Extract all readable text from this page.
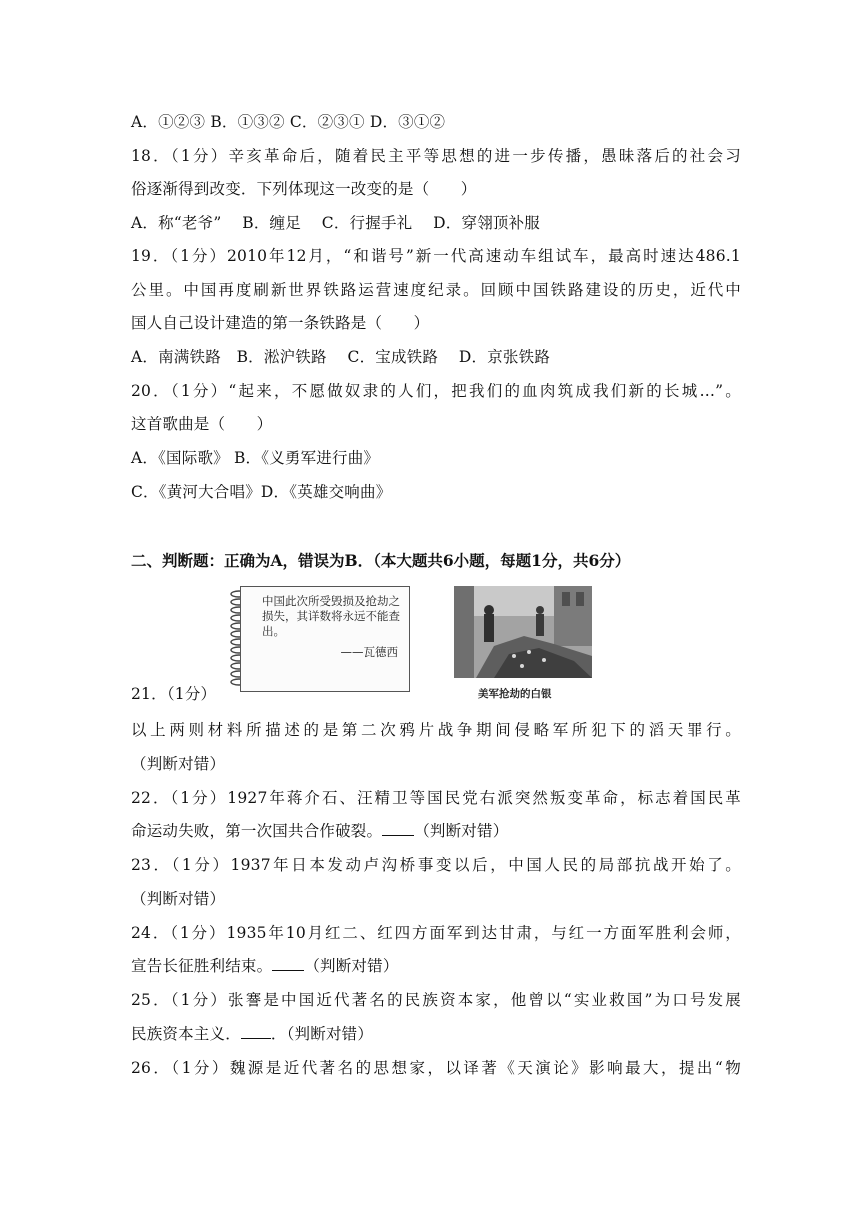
A．①②③ B．①③② C．②③① D．③①②
18．（1分）辛亥革命后，随着民主平等思想的进一步传播，愚昧落后的社会习
俗逐渐得到改变．下列体现这一改变的是（　　）
A．称“老爷”　 B．缠足　 C．行握手礼　 D．穿翎顶补服
19．（1分）2010年12月，“和谐号”新一代高速动车组试车，最高时速达486.1
公里。中国再度刷新世界铁路运营速度纪录。回顾中国铁路建设的历史，近代中
国人自己设计建造的第一条铁路是（　　）
A．南满铁路　B．淞沪铁路　 C．宝成铁路　 D．京张铁路
20．（1分）“起来，不愿做奴隶的人们，把我们的血肉筑成我们新的长城…”。
这首歌曲是（　　）
A．《国际歌》 B．《义勇军进行曲》
C．《黄河大合唱》D．《英雄交响曲》
二、判断题：正确为A，错误为B．（本大题共6小题，每题1分，共6分）
中国此次所受毁损及抢劫之损失，其详数将永远不能查出。
——瓦德西
美军抢劫的白银
21．（1分）
以上两则材料所描述的是第二次鸦片战争期间侵略军所犯下的滔天罪行。
（判断对错）
22．（1分）1927年蒋介石、汪精卫等国民党右派突然叛变革命，标志着国民革
命运动失败，第一次国共合作破裂。 （判断对错）
23．（1分）1937年日本发动卢沟桥事变以后，中国人民的局部抗战开始了。
（判断对错）
24．（1分）1935年10月红二、红四方面军到达甘肃，与红一方面军胜利会师，
宣告长征胜利结束。 （判断对错）
25．（1分）张謇是中国近代著名的民族资本家，他曾以“实业救国”为口号发展
民族资本主义． ．（判断对错）
26．（1分）魏源是近代著名的思想家，以译著《天演论》影响最大，提出“物
